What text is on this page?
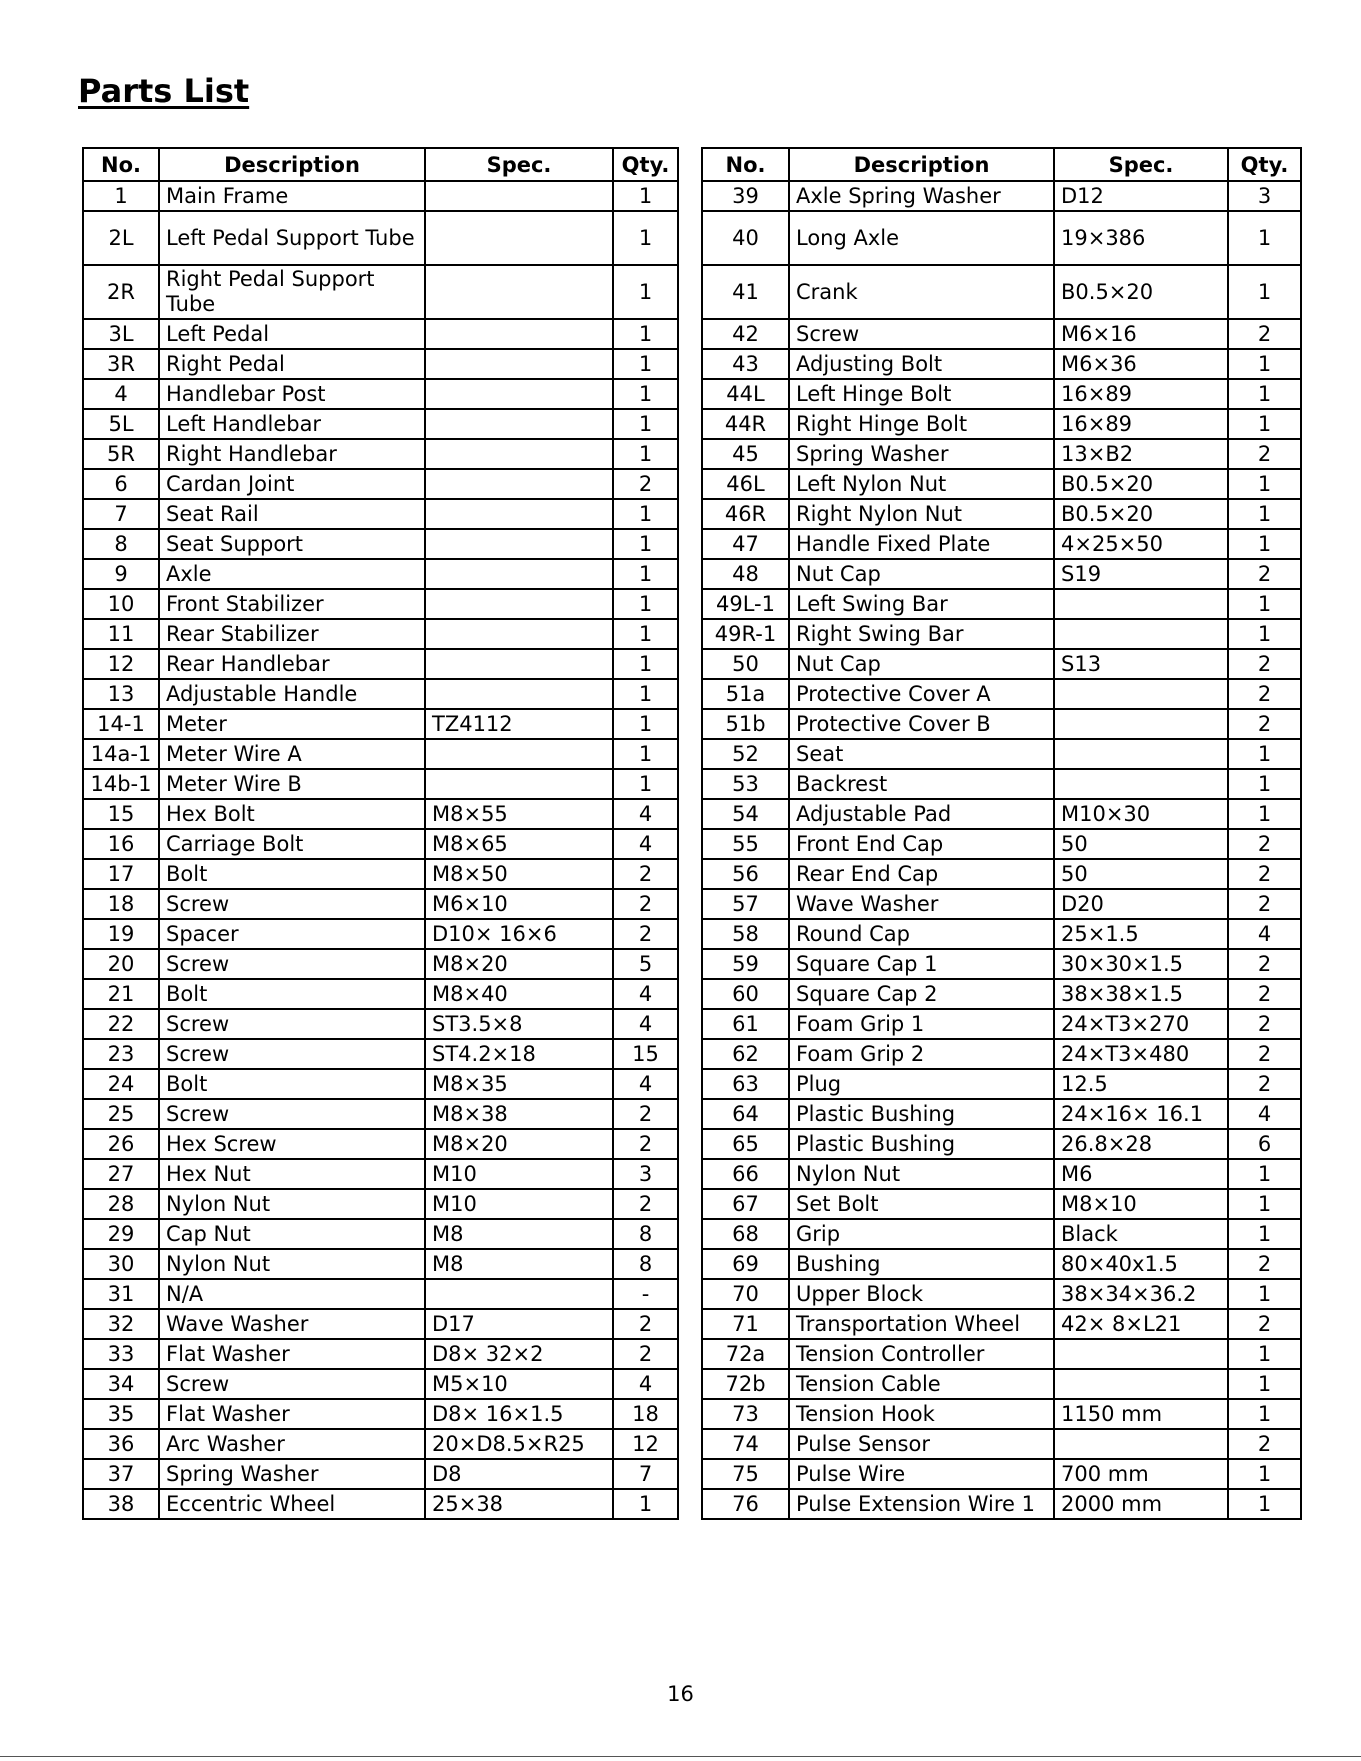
Parts List
No.	Description	Spec.	Qty.
1	Main Frame		1
2L	Left Pedal Support Tube		1
2R	Right Pedal Support Tube		1
3L	Left Pedal		1
3R	Right Pedal		1
4	Handlebar Post		1
5L	Left Handlebar		1
5R	Right Handlebar		1
6	Cardan Joint		2
7	Seat Rail		1
8	Seat Support		1
9	Axle		1
10	Front Stabilizer		1
11	Rear Stabilizer		1
12	Rear Handlebar		1
13	Adjustable Handle		1
14-1	Meter	TZ4112	1
14a-1	Meter Wire A		1
14b-1	Meter Wire B		1
15	Hex Bolt	M8×55	4
16	Carriage Bolt	M8×65	4
17	Bolt	M8×50	2
18	Screw	M6×10	2
19	Spacer	D10× 16×6	2
20	Screw	M8×20	5
21	Bolt	M8×40	4
22	Screw	ST3.5×8	4
23	Screw	ST4.2×18	15
24	Bolt	M8×35	4
25	Screw	M8×38	2
26	Hex Screw	M8×20	2
27	Hex Nut	M10	3
28	Nylon Nut	M10	2
29	Cap Nut	M8	8
30	Nylon Nut	M8	8
31	N/A		-
32	Wave Washer	D17	2
33	Flat Washer	D8× 32×2	2
34	Screw	M5×10	4
35	Flat Washer	D8× 16×1.5	18
36	Arc Washer	20×D8.5×R25	12
37	Spring Washer	D8	7
38	Eccentric Wheel	25×38	1
No.	Description	Spec.	Qty.
39	Axle Spring Washer	D12	3
40	Long Axle	19×386	1
41	Crank	B0.5×20	1
42	Screw	M6×16	2
43	Adjusting Bolt	M6×36	1
44L	Left Hinge Bolt	16×89	1
44R	Right Hinge Bolt	16×89	1
45	Spring Washer	13×B2	2
46L	Left Nylon Nut	B0.5×20	1
46R	Right Nylon Nut	B0.5×20	1
47	Handle Fixed Plate	4×25×50	1
48	Nut Cap	S19	2
49L-1	Left Swing Bar		1
49R-1	Right Swing Bar		1
50	Nut Cap	S13	2
51a	Protective Cover A		2
51b	Protective Cover B		2
52	Seat		1
53	Backrest		1
54	Adjustable Pad	M10×30	1
55	Front End Cap	50	2
56	Rear End Cap	50	2
57	Wave Washer	D20	2
58	Round Cap	25×1.5	4
59	Square Cap 1	30×30×1.5	2
60	Square Cap 2	38×38×1.5	2
61	Foam Grip 1	24×T3×270	2
62	Foam Grip 2	24×T3×480	2
63	Plug	12.5	2
64	Plastic Bushing	24×16× 16.1	4
65	Plastic Bushing	26.8×28	6
66	Nylon Nut	M6	1
67	Set Bolt	M8×10	1
68	Grip	Black	1
69	Bushing	80×40x1.5	2
70	Upper Block	38×34×36.2	1
71	Transportation Wheel	42× 8×L21	2
72a	Tension Controller		1
72b	Tension Cable		1
73	Tension Hook	1150 mm	1
74	Pulse Sensor		2
75	Pulse Wire	700 mm	1
76	Pulse Extension Wire 1	2000 mm	1
16
